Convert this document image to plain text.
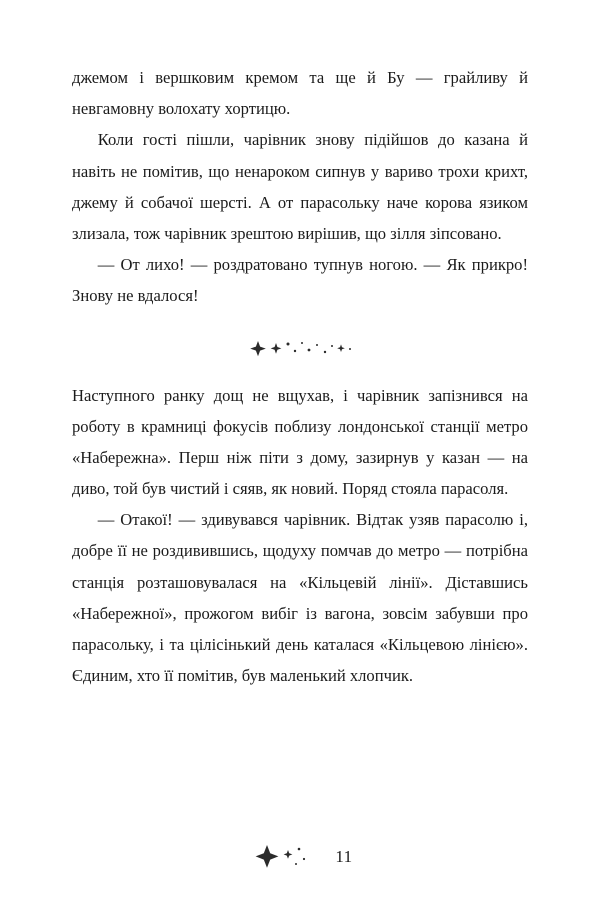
джемом і вершковим кремом та ще й Бу — грайливу й невгамовну волохату хортицю.

Коли гості пішли, чарівник знову підійшов до казана й навіть не помітив, що ненароком сипнув у вариво трохи крихт, джему й собачої шерсті. А от парасольку наче корова язиком злизала, тож чарівник зрештою вирішив, що зілля зіпсовано.

— От лихо! — роздратовано тупнув ногою. — Як прикро! Знову не вдалося!

Наступного ранку дощ не вщухав, і чарівник запізнився на роботу в крамниці фокусів поблизу лондонської станції метро «Набережна». Перш ніж піти з дому, зазирнув у казан — на диво, той був чистий і сяяв, як новий. Поряд стояла парасоля.

— Отакої! — здивувався чарівник. Відтак узяв парасолю і, добре її не роздивившись, щодуху помчав до метро — потрібна станція розташовувалася на «Кільцевій лінії». Діставшись «Набережної», прожогом вибіг із вагона, зовсім забувши про парасольку, і та цілісінький день каталася «Кільцевою лінією». Єдиним, хто її помітив, був маленький хлопчик.

11
